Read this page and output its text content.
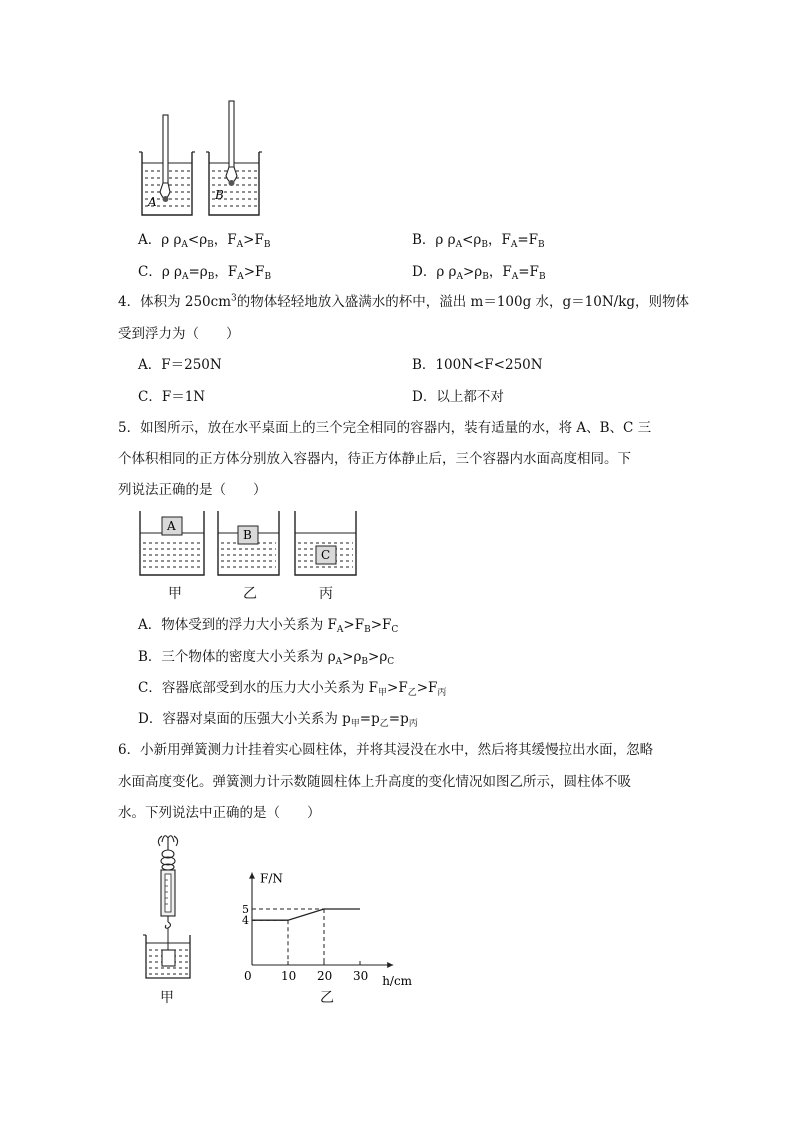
A	B
A．ρ $\rho_A<\rho_B$，$F_A>F_B$	B．ρ $\rho_A<\rho_B$，$F_A=F_B$
C．ρ $\rho_A=\rho_B$，$F_A>F_B$	D．ρ $\rho_A>\rho_B$，$F_A=F_B$
4．体积为 $250cm^3$的物体轻轻地放入盛满水的杯中，溢出 m＝100g 水，g＝10N/kg，则物体
受到浮力为（　　）
A．F＝250N	B．100N<F<250N
C．F＝1N	D．以上都不对
5．如图所示，放在水平桌面上的三个完全相同的容器内，装有适量的水，将 A、B、C 三
个体积相同的正方体分别放入容器内，待正方体静止后，三个容器内水面高度相同。下
列说法正确的是（　　）
A
B
C
甲	乙	丙
A．物体受到的浮力大小关系为 $F_A>F_B>F_C$
B．三个物体的密度大小关系为 $\rho_A>\rho_B>\rho_C$
C．容器底部受到水的压力大小关系为 $F_甲>F_乙>F_丙$
D．容器对桌面的压强大小关系为 $p_甲=p_乙=p_丙$
6．小新用弹簧测力计挂着实心圆柱体，并将其浸没在水中，然后将其缓慢拉出水面，忽略
水面高度变化。弹簧测力计示数随圆柱体上升高度的变化情况如图乙所示，圆柱体不吸
水。下列说法中正确的是（　　）
甲
F/N
h/cm
0 10 20 30
4
5
乙
